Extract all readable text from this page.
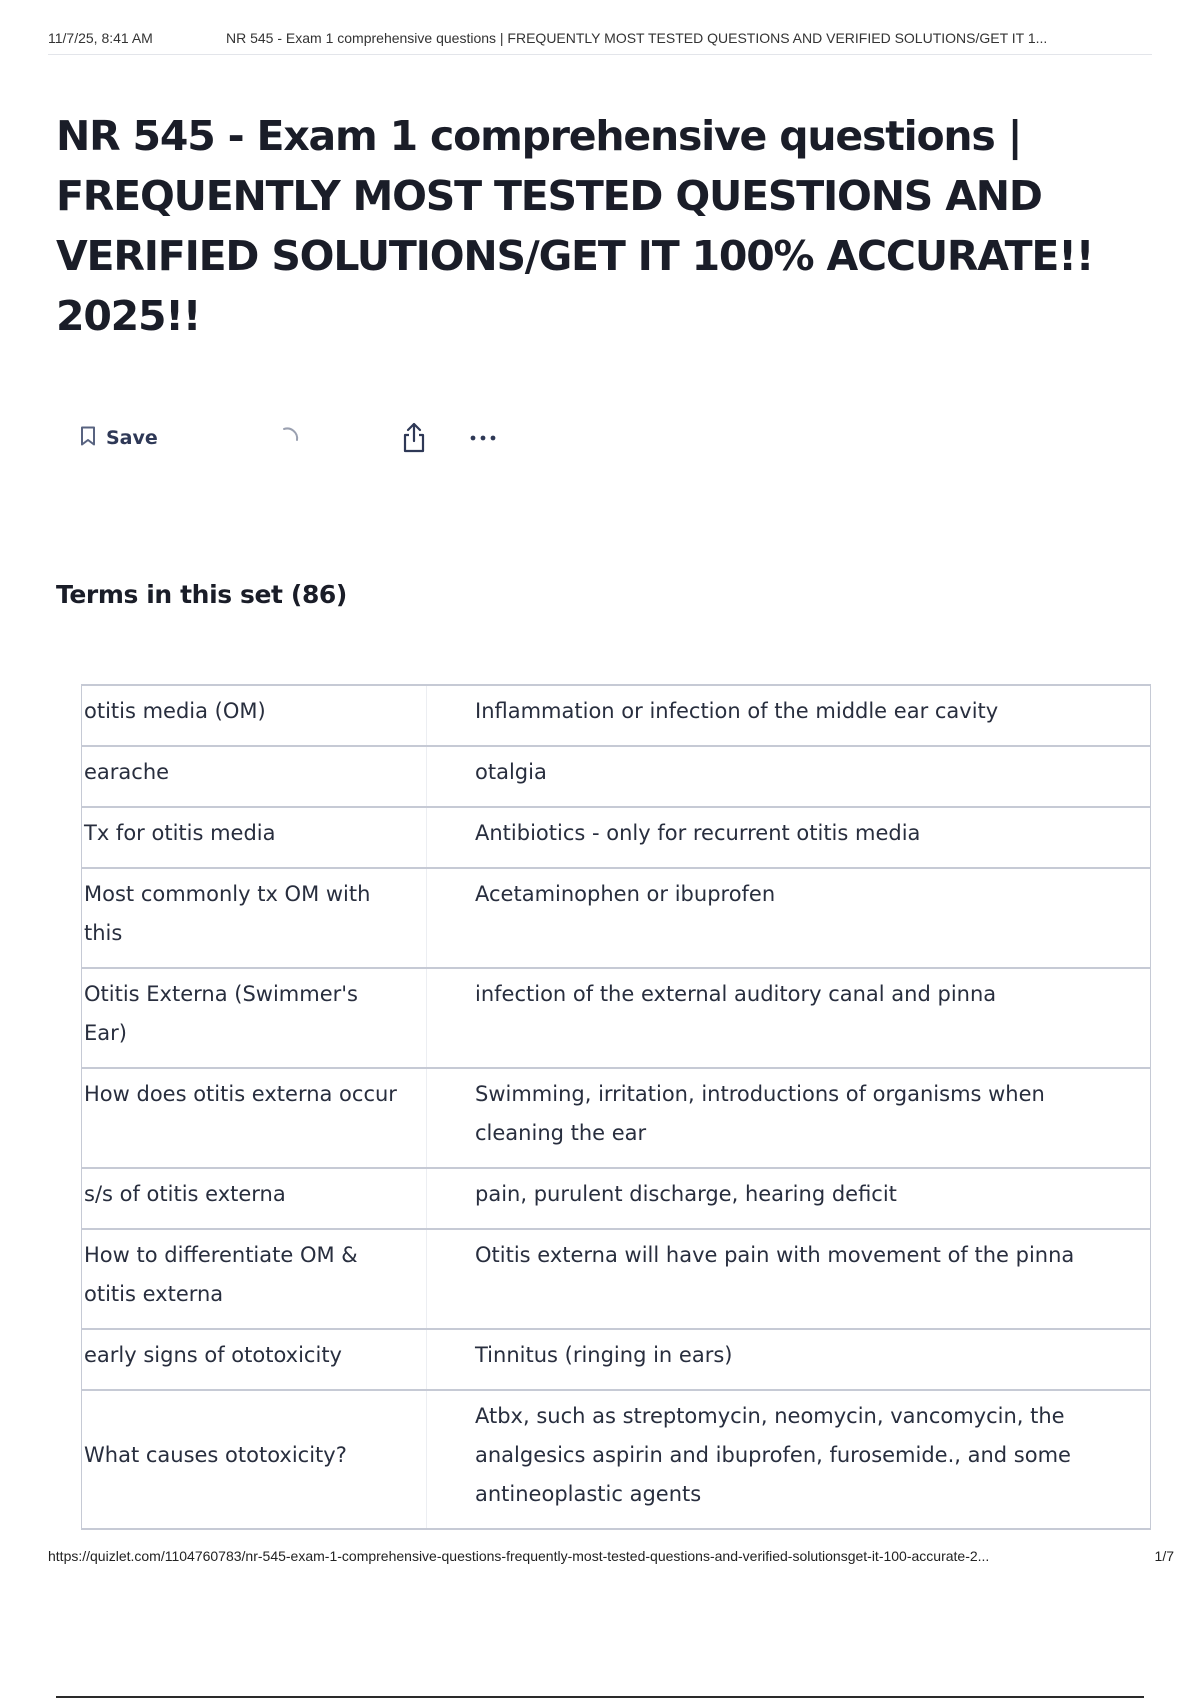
11/7/25, 8:41 AM	NR 545 - Exam 1 comprehensive questions | FREQUENTLY MOST TESTED QUESTIONS AND VERIFIED SOLUTIONS/GET IT 1...
NR 545 - Exam 1 comprehensive questions | FREQUENTLY MOST TESTED QUESTIONS AND VERIFIED SOLUTIONS/GET IT 100% ACCURATE!! 2025!!
Save
Terms in this set (86)
otitis media (OM)	Inflammation or infection of the middle ear cavity
earache	otalgia
Tx for otitis media	Antibiotics - only for recurrent otitis media
Most commonly tx OM with this	Acetaminophen or ibuprofen
Otitis Externa (Swimmer's Ear)	infection of the external auditory canal and pinna
How does otitis externa occur	Swimming, irritation, introductions of organisms when cleaning the ear
s/s of otitis externa	pain, purulent discharge, hearing deficit
How to differentiate OM & otitis externa	Otitis externa will have pain with movement of the pinna
early signs of ototoxicity	Tinnitus (ringing in ears)
What causes ototoxicity?	Atbx, such as streptomycin, neomycin, vancomycin, the analgesics aspirin and ibuprofen, furosemide., and some antineoplastic agents
https://quizlet.com/1104760783/nr-545-exam-1-comprehensive-questions-frequently-most-tested-questions-and-verified-solutionsget-it-100-accurate-2...	1/7
